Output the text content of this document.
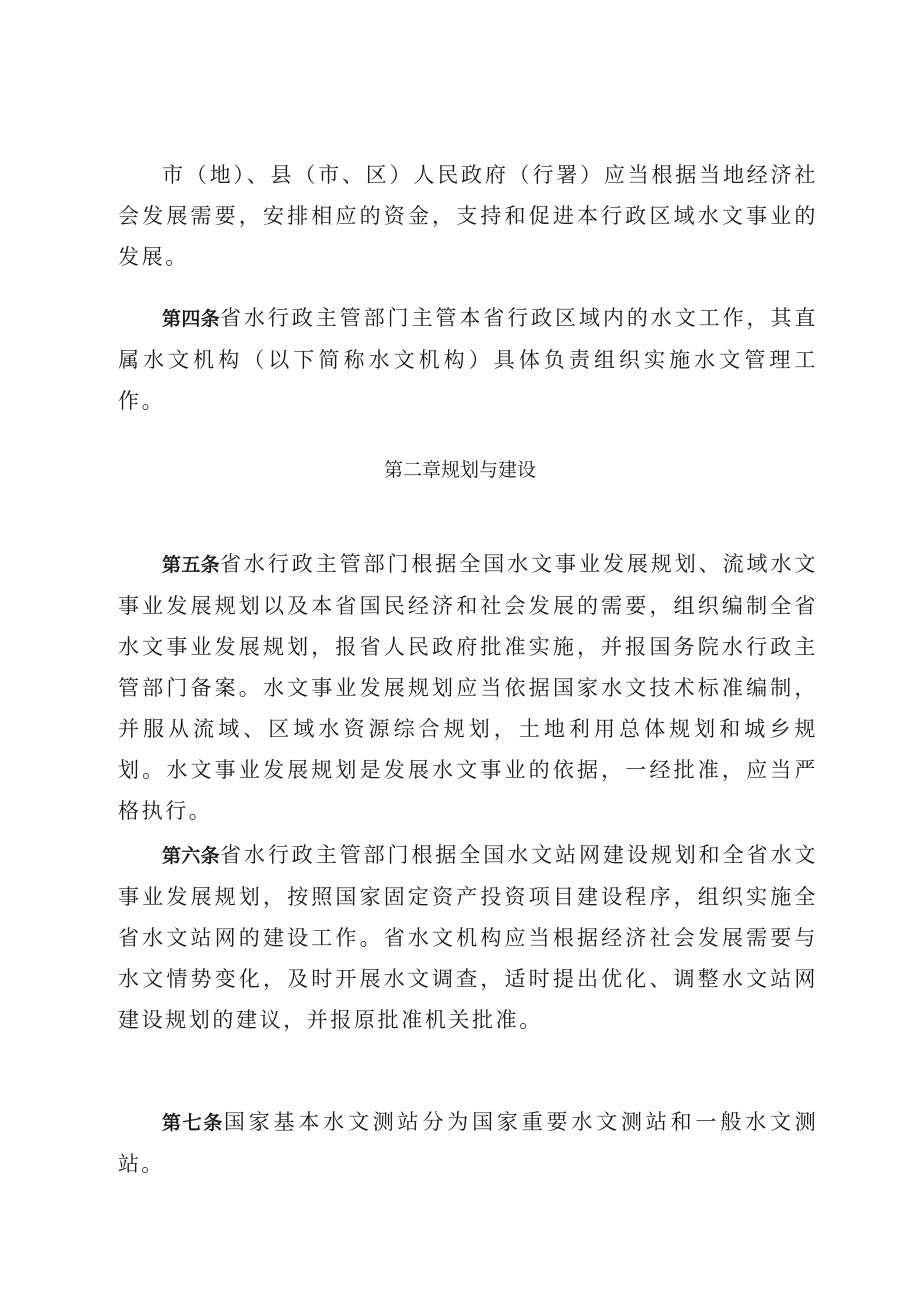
市（地）、县（市、区）人民政府（行署）应当根据当地经济社会发展需要，安排相应的资金，支持和促进本行政区域水文事业的发展。

第四条省水行政主管部门主管本省行政区域内的水文工作，其直属水文机构（以下简称水文机构）具体负责组织实施水文管理工作。

第二章规划与建设

第五条省水行政主管部门根据全国水文事业发展规划、流域水文事业发展规划以及本省国民经济和社会发展的需要，组织编制全省水文事业发展规划，报省人民政府批准实施，并报国务院水行政主管部门备案。水文事业发展规划应当依据国家水文技术标准编制，并服从流域、区域水资源综合规划，土地利用总体规划和城乡规划。水文事业发展规划是发展水文事业的依据，一经批准，应当严格执行。

第六条省水行政主管部门根据全国水文站网建设规划和全省水文事业发展规划，按照国家固定资产投资项目建设程序，组织实施全省水文站网的建设工作。省水文机构应当根据经济社会发展需要与水文情势变化，及时开展水文调查，适时提出优化、调整水文站网建设规划的建议，并报原批准机关批准。

第七条国家基本水文测站分为国家重要水文测站和一般水文测站。
